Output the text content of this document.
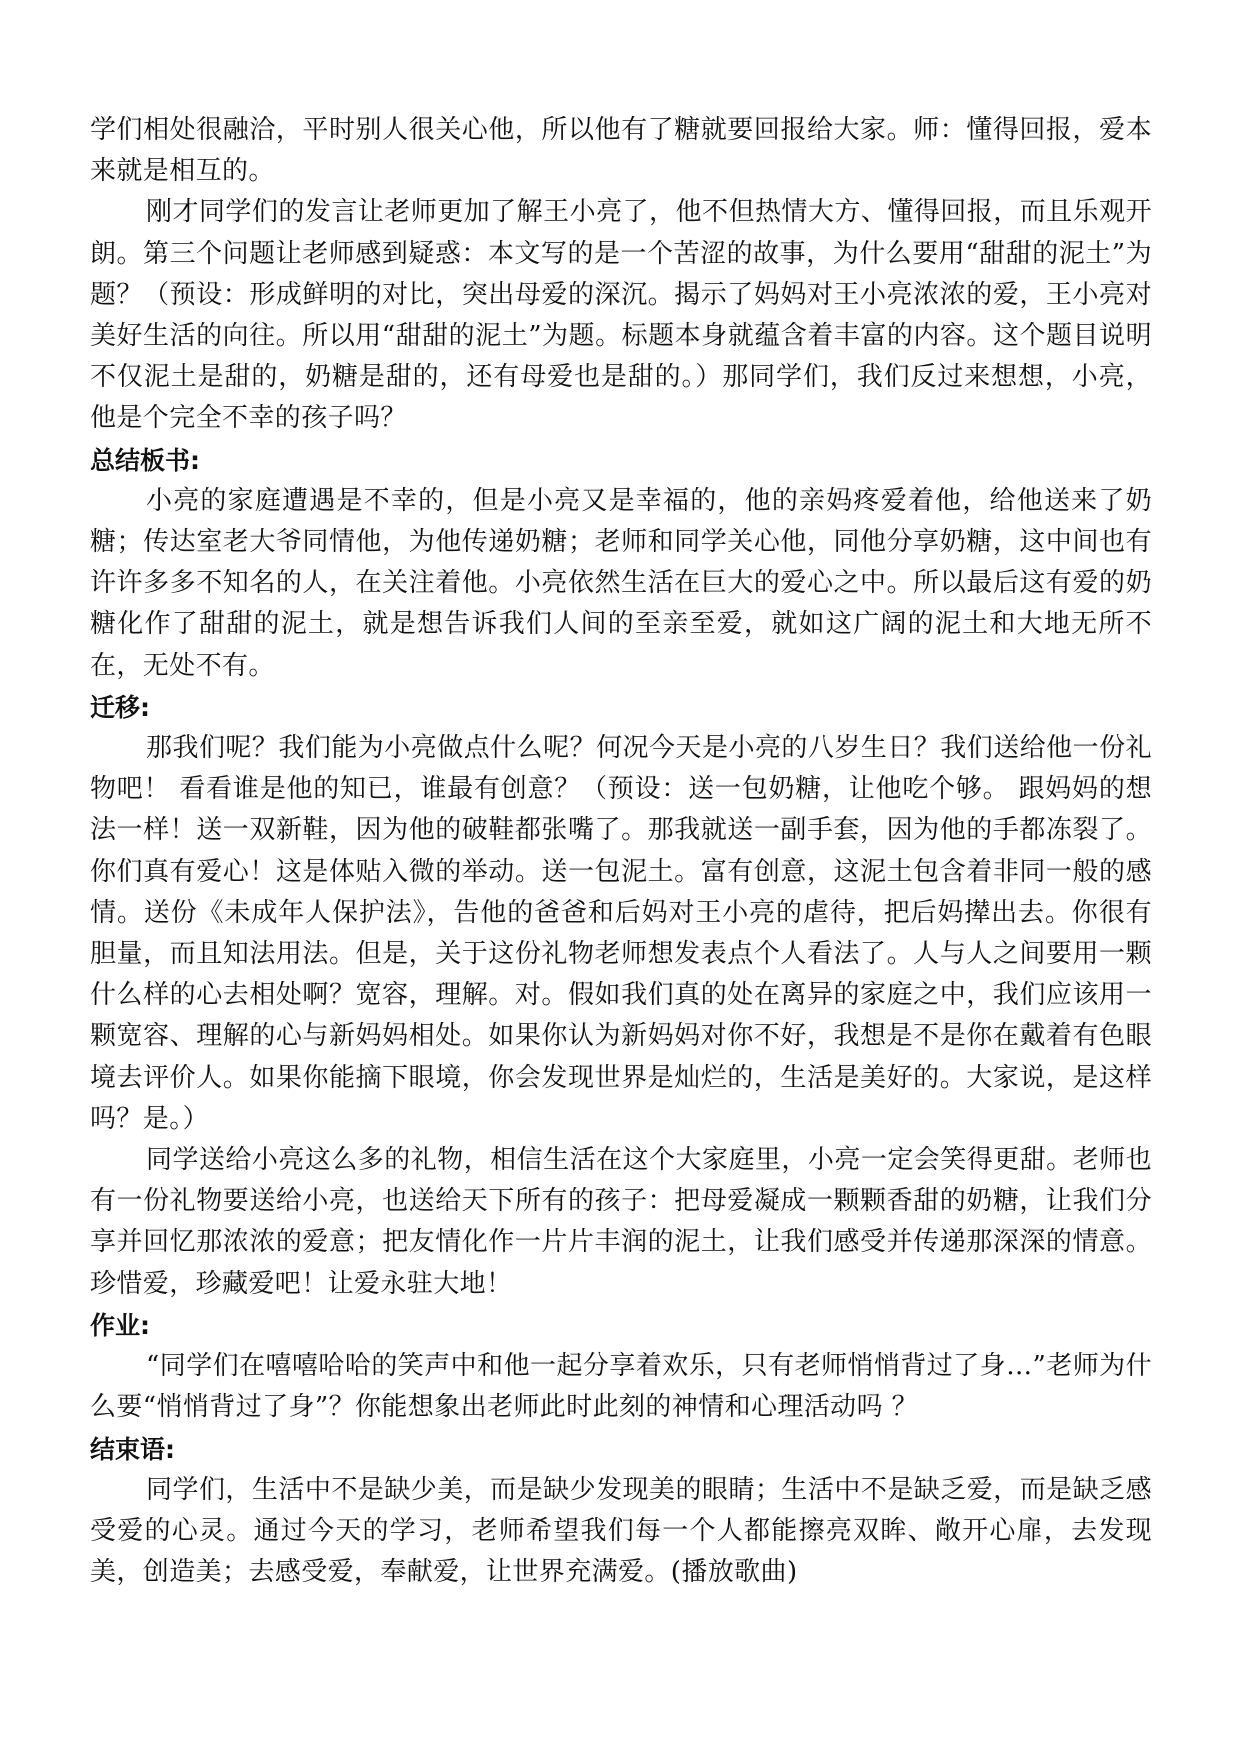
学们相处很融洽，平时别人很关心他，所以他有了糖就要回报给大家。师：懂得回报，爱本来就是相互的。

刚才同学们的发言让老师更加了解王小亮了，他不但热情大方、懂得回报，而且乐观开朗。第三个问题让老师感到疑惑：本文写的是一个苦涩的故事，为什么要用“甜甜的泥土”为题？（预设：形成鲜明的对比，突出母爱的深沉。揭示了妈妈对王小亮浓浓的爱，王小亮对美好生活的向往。所以用“甜甜的泥土”为题。标题本身就蕴含着丰富的内容。这个题目说明不仅泥土是甜的，奶糖是甜的，还有母爱也是甜的。）那同学们，我们反过来想想，小亮，他是个完全不幸的孩子吗？

总结板书:

小亮的家庭遭遇是不幸的，但是小亮又是幸福的，他的亲妈疼爱着他，给他送来了奶糖；传达室老大爷同情他，为他传递奶糖；老师和同学关心他，同他分享奶糖，这中间也有许许多多不知名的人，在关注着他。小亮依然生活在巨大的爱心之中。所以最后这有爱的奶糖化作了甜甜的泥土，就是想告诉我们人间的至亲至爱，就如这广阔的泥土和大地无所不在，无处不有。

迁移:

那我们呢？我们能为小亮做点什么呢？何况今天是小亮的八岁生日？我们送给他一份礼物吧！ 看看谁是他的知已，谁最有创意？（预设：送一包奶糖，让他吃个够。 跟妈妈的想法一样！送一双新鞋，因为他的破鞋都张嘴了。那我就送一副手套，因为他的手都冻裂了。你们真有爱心！这是体贴入微的举动。送一包泥土。富有创意，这泥土包含着非同一般的感情。送份《未成年人保护法》，告他的爸爸和后妈对王小亮的虐待，把后妈撵出去。你很有胆量，而且知法用法。但是，关于这份礼物老师想发表点个人看法了。人与人之间要用一颗什么样的心去相处啊？宽容，理解。对。假如我们真的处在离异的家庭之中，我们应该用一颗宽容、理解的心与新妈妈相处。如果你认为新妈妈对你不好，我想是不是你在戴着有色眼境去评价人。如果你能摘下眼境，你会发现世界是灿烂的，生活是美好的。大家说，是这样吗？是。）

同学送给小亮这么多的礼物，相信生活在这个大家庭里，小亮一定会笑得更甜。老师也有一份礼物要送给小亮，也送给天下所有的孩子：把母爱凝成一颗颗香甜的奶糖，让我们分享并回忆那浓浓的爱意；把友情化作一片片丰润的泥土，让我们感受并传递那深深的情意。珍惜爱，珍藏爱吧！让爱永驻大地！

作业:

“同学们在嘻嘻哈哈的笑声中和他一起分享着欢乐，只有老师悄悄背过了身…”老师为什么要“悄悄背过了身”？你能想象出老师此时此刻的神情和心理活动吗 ？

结束语:

同学们，生活中不是缺少美，而是缺少发现美的眼睛；生活中不是缺乏爱，而是缺乏感受爱的心灵。通过今天的学习，老师希望我们每一个人都能擦亮双眸、敞开心扉，去发现美，创造美；去感受爱，奉献爱，让世界充满爱。(播放歌曲)
